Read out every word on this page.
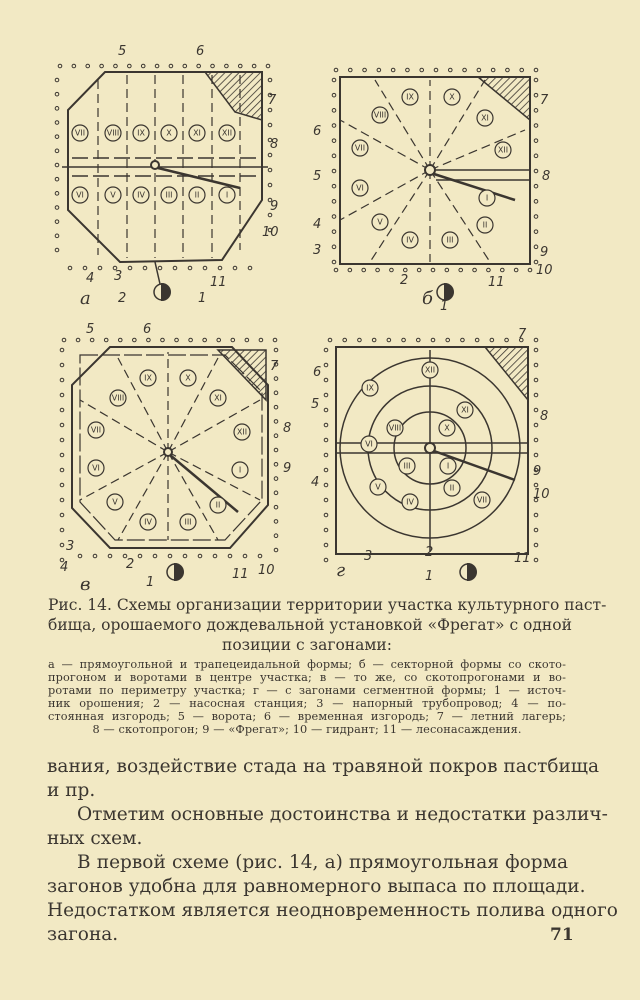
VII	VIII IX	X	XI	XII
VI	V	IV	III	II	I
IX	X
VIII	XI
VII	XII
VI
V
I
IV	III
II
IX	X
VIII	XI
VII	XII
VI	I
V	II
IV	III
IX
XII
XI
VIII	X
VI
III
V
I
IV
II
VII
1
2
3
4
5	6
7
8
9
10
11
а	1
2
3
4
5
6
7
8
9
10
11
б
1
2
3
4
5	6
7
8
9
10
11
в	1
2
3
4
5
6
7
8
9
10
11
г
Рис. 14. Схемы организации территории участка культурного паст-
бища, орошаемого дождевальной установкой «Фрегат» с одной
позиции с загонами:
а — прямоугольной и трапецеидальной формы; б — секторной формы со ското-
прогоном и воротами в центре участка; в — то же, со скотопрогонами и во-
ротами по периметру участка; г — с загонами сегментной формы; 1 — источ-
ник орошения; 2 — насосная станция; 3 — напорный трубопровод; 4 — по-
стоянная изгородь; 5 — ворота; 6 — временная изгородь; 7 — летний лагерь;
8 — скотопрогон; 9 — «Фрегат»; 10 — гидрант; 11 — лесонасаждения.
вания, воздействие стада на травяной покров пастбища
и пр.
Отметим основные достоинства и недостатки различ-
ных схем.
В первой схеме (рис. 14, а) прямоугольная форма
загонов удобна для равномерного выпаса по площади.
Недостатком является неодновременность полива одного
загона.	71
